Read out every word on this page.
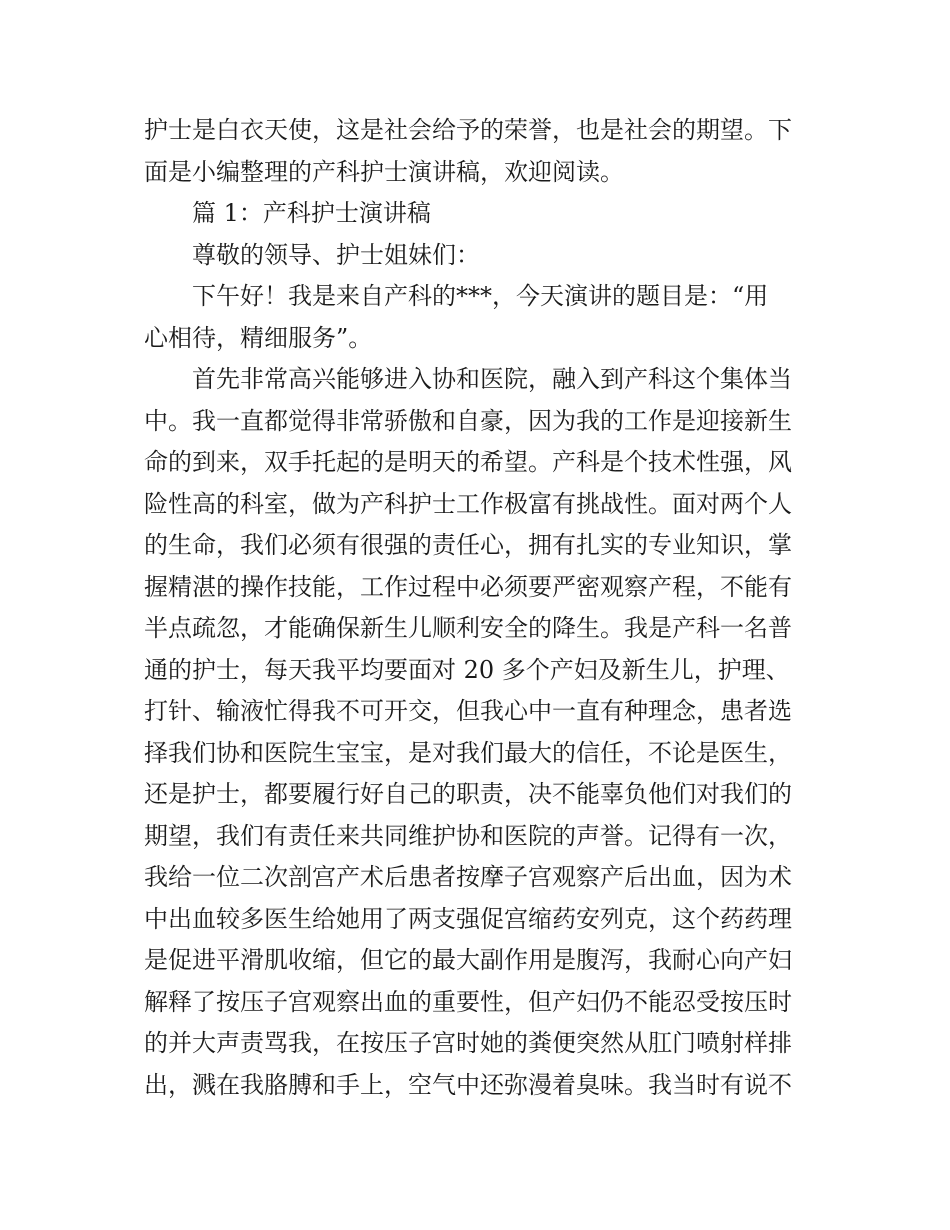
护士是白衣天使，这是社会给予的荣誉，也是社会的期望。下
面是小编整理的产科护士演讲稿，欢迎阅读。
篇 1：产科护士演讲稿
尊敬的领导、护士姐妹们：
下午好！我是来自产科的***，今天演讲的题目是：“用
心相待，精细服务”。
首先非常高兴能够进入协和医院，融入到产科这个集体当
中。我一直都觉得非常骄傲和自豪，因为我的工作是迎接新生
命的到来，双手托起的是明天的希望。产科是个技术性强，风
险性高的科室，做为产科护士工作极富有挑战性。面对两个人
的生命，我们必须有很强的责任心，拥有扎实的专业知识，掌
握精湛的操作技能，工作过程中必须要严密观察产程，不能有
半点疏忽，才能确保新生儿顺利安全的降生。我是产科一名普
通的护士，每天我平均要面对 20 多个产妇及新生儿，护理、
打针、输液忙得我不可开交，但我心中一直有种理念，患者选
择我们协和医院生宝宝，是对我们最大的信任，不论是医生，
还是护士，都要履行好自己的职责，决不能辜负他们对我们的
期望，我们有责任来共同维护协和医院的声誉。记得有一次，
我给一位二次剖宫产术后患者按摩子宫观察产后出血，因为术
中出血较多医生给她用了两支强促宫缩药安列克，这个药药理
是促进平滑肌收缩，但它的最大副作用是腹泻，我耐心向产妇
解释了按压子宫观察出血的重要性，但产妇仍不能忍受按压时
的并大声责骂我，在按压子宫时她的粪便突然从肛门喷射样排
出，溅在我胳膊和手上，空气中还弥漫着臭味。我当时有说不
